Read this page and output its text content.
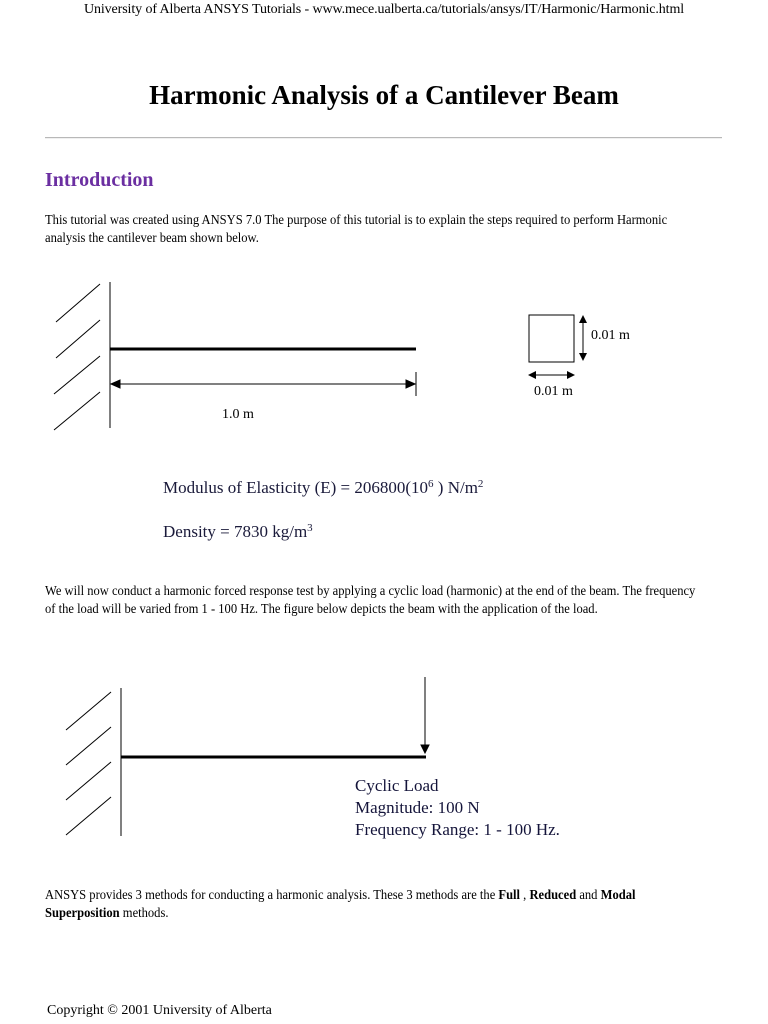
University of Alberta ANSYS Tutorials - www.mece.ualberta.ca/tutorials/ansys/IT/Harmonic/Harmonic.html
Harmonic Analysis of a Cantilever Beam
Introduction
This tutorial was created using ANSYS 7.0 The purpose of this tutorial is to explain the steps required to perform Harmonic analysis the cantilever beam shown below.
1.0 m
0.01 m
0.01 m
Modulus of Elasticity $(E) = 206800(10^6$ ) $N/m^2$
Density = 7830 $kg/m^3$
We will now conduct a harmonic forced response test by applying a cyclic load (harmonic) at the end of the beam. The frequency of the load will be varied from 1 - 100 Hz. The figure below depicts the beam with the application of the load.
Cyclic Load
Magnitude: 100 N
Frequency Range: 1 - 100 Hz.
ANSYS provides 3 methods for conducting a harmonic analysis. These 3 methods are the Full , Reduced and Modal Superposition methods.
Copyright © 2001 University of Alberta
